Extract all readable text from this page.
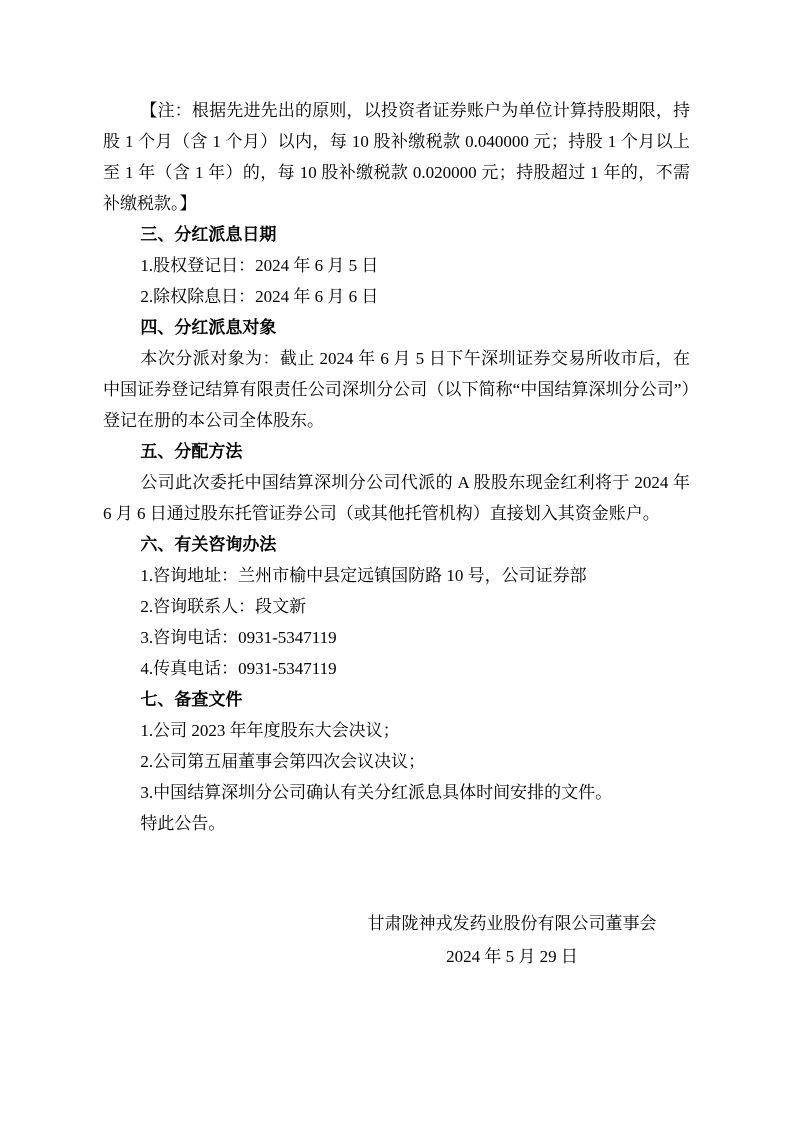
【注：根据先进先出的原则，以投资者证券账户为单位计算持股期限，持股 1 个月（含 1 个月）以内，每 10 股补缴税款 0.040000 元；持股 1 个月以上至 1 年（含 1 年）的，每 10 股补缴税款 0.020000 元；持股超过 1 年的，不需补缴税款。】

三、分红派息日期

1.股权登记日：2024 年 6 月 5 日

2.除权除息日：2024 年 6 月 6 日

四、分红派息对象

本次分派对象为：截止 2024 年 6 月 5 日下午深圳证券交易所收市后，在中国证券登记结算有限责任公司深圳分公司（以下简称“中国结算深圳分公司”）登记在册的本公司全体股东。

五、分配方法

公司此次委托中国结算深圳分公司代派的 A 股股东现金红利将于 2024 年 6 月 6 日通过股东托管证券公司（或其他托管机构）直接划入其资金账户。

六、有关咨询办法

1.咨询地址：兰州市榆中县定远镇国防路 10 号，公司证券部

2.咨询联系人：段文新

3.咨询电话：0931-5347119

4.传真电话：0931-5347119

七、备查文件

1.公司 2023 年年度股东大会决议；

2.公司第五届董事会第四次会议决议；

3.中国结算深圳分公司确认有关分红派息具体时间安排的文件。

特此公告。

甘肃陇神戎发药业股份有限公司董事会

2024 年 5 月 29 日
